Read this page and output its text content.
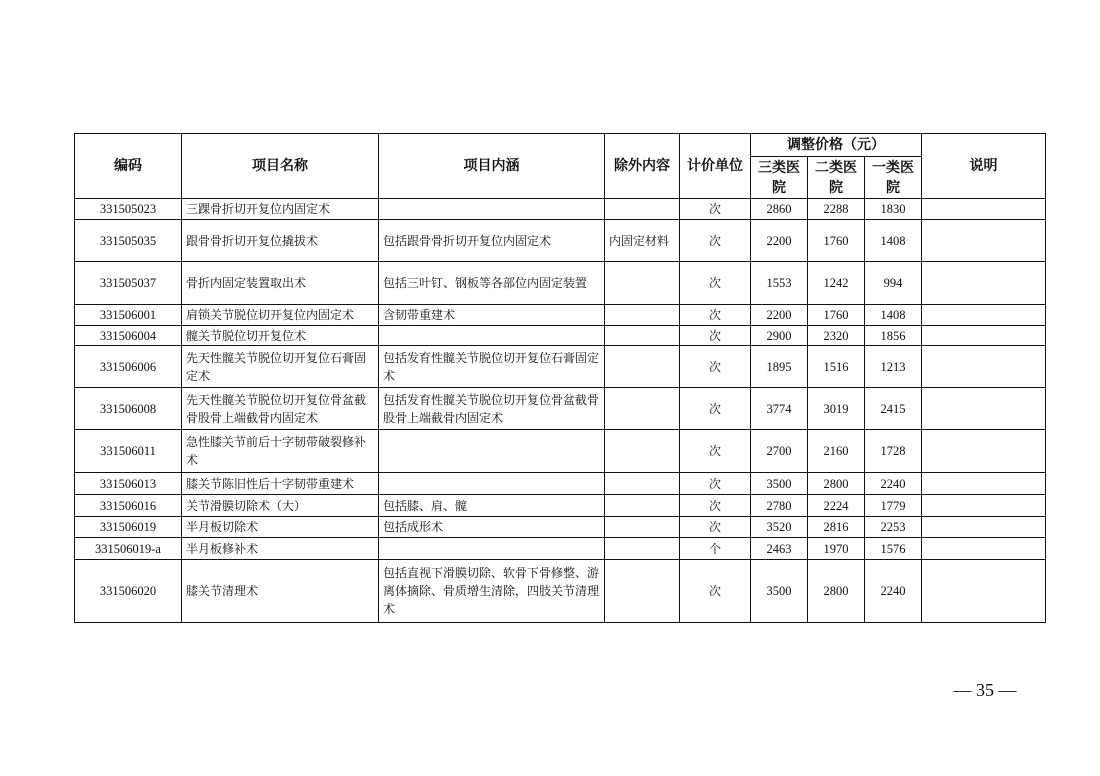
编码	项目名称	项目内涵	除外内容	计价单位	调整价格（元）			说明
					三类医院	二类医院	一类医院	
331505023	三踝骨折切开复位内固定术			次	2860	2288	1830	
331505035	跟骨骨折切开复位撬拔术	包括跟骨骨折切开复位内固定术	内固定材料	次	2200	1760	1408	
331505037	骨折内固定装置取出术	包括三叶钉、钢板等各部位内固定装置		次	1553	1242	994	
331506001	肩锁关节脱位切开复位内固定术	含韧带重建术		次	2200	1760	1408	
331506004	髋关节脱位切开复位术			次	2900	2320	1856	
331506006	先天性髋关节脱位切开复位石膏固定术	包括发育性髋关节脱位切开复位石膏固定术		次	1895	1516	1213	
331506008	先天性髋关节脱位切开复位骨盆截骨股骨上端截骨内固定术	包括发育性髋关节脱位切开复位骨盆截骨股骨上端截骨内固定术		次	3774	3019	2415	
331506011	急性膝关节前后十字韧带破裂修补术			次	2700	2160	1728	
331506013	膝关节陈旧性后十字韧带重建术			次	3500	2800	2240	
331506016	关节滑膜切除术（大）	包括膝、肩、髋		次	2780	2224	1779	
331506019	半月板切除术	包括成形术		次	3520	2816	2253	
331506019-a	半月板修补术			个	2463	1970	1576	
331506020	膝关节清理术	包括直视下滑膜切除、软骨下骨修整、游离体摘除、骨质增生清除，四肢关节清理术		次	3500	2800	2240	
— 35 —
